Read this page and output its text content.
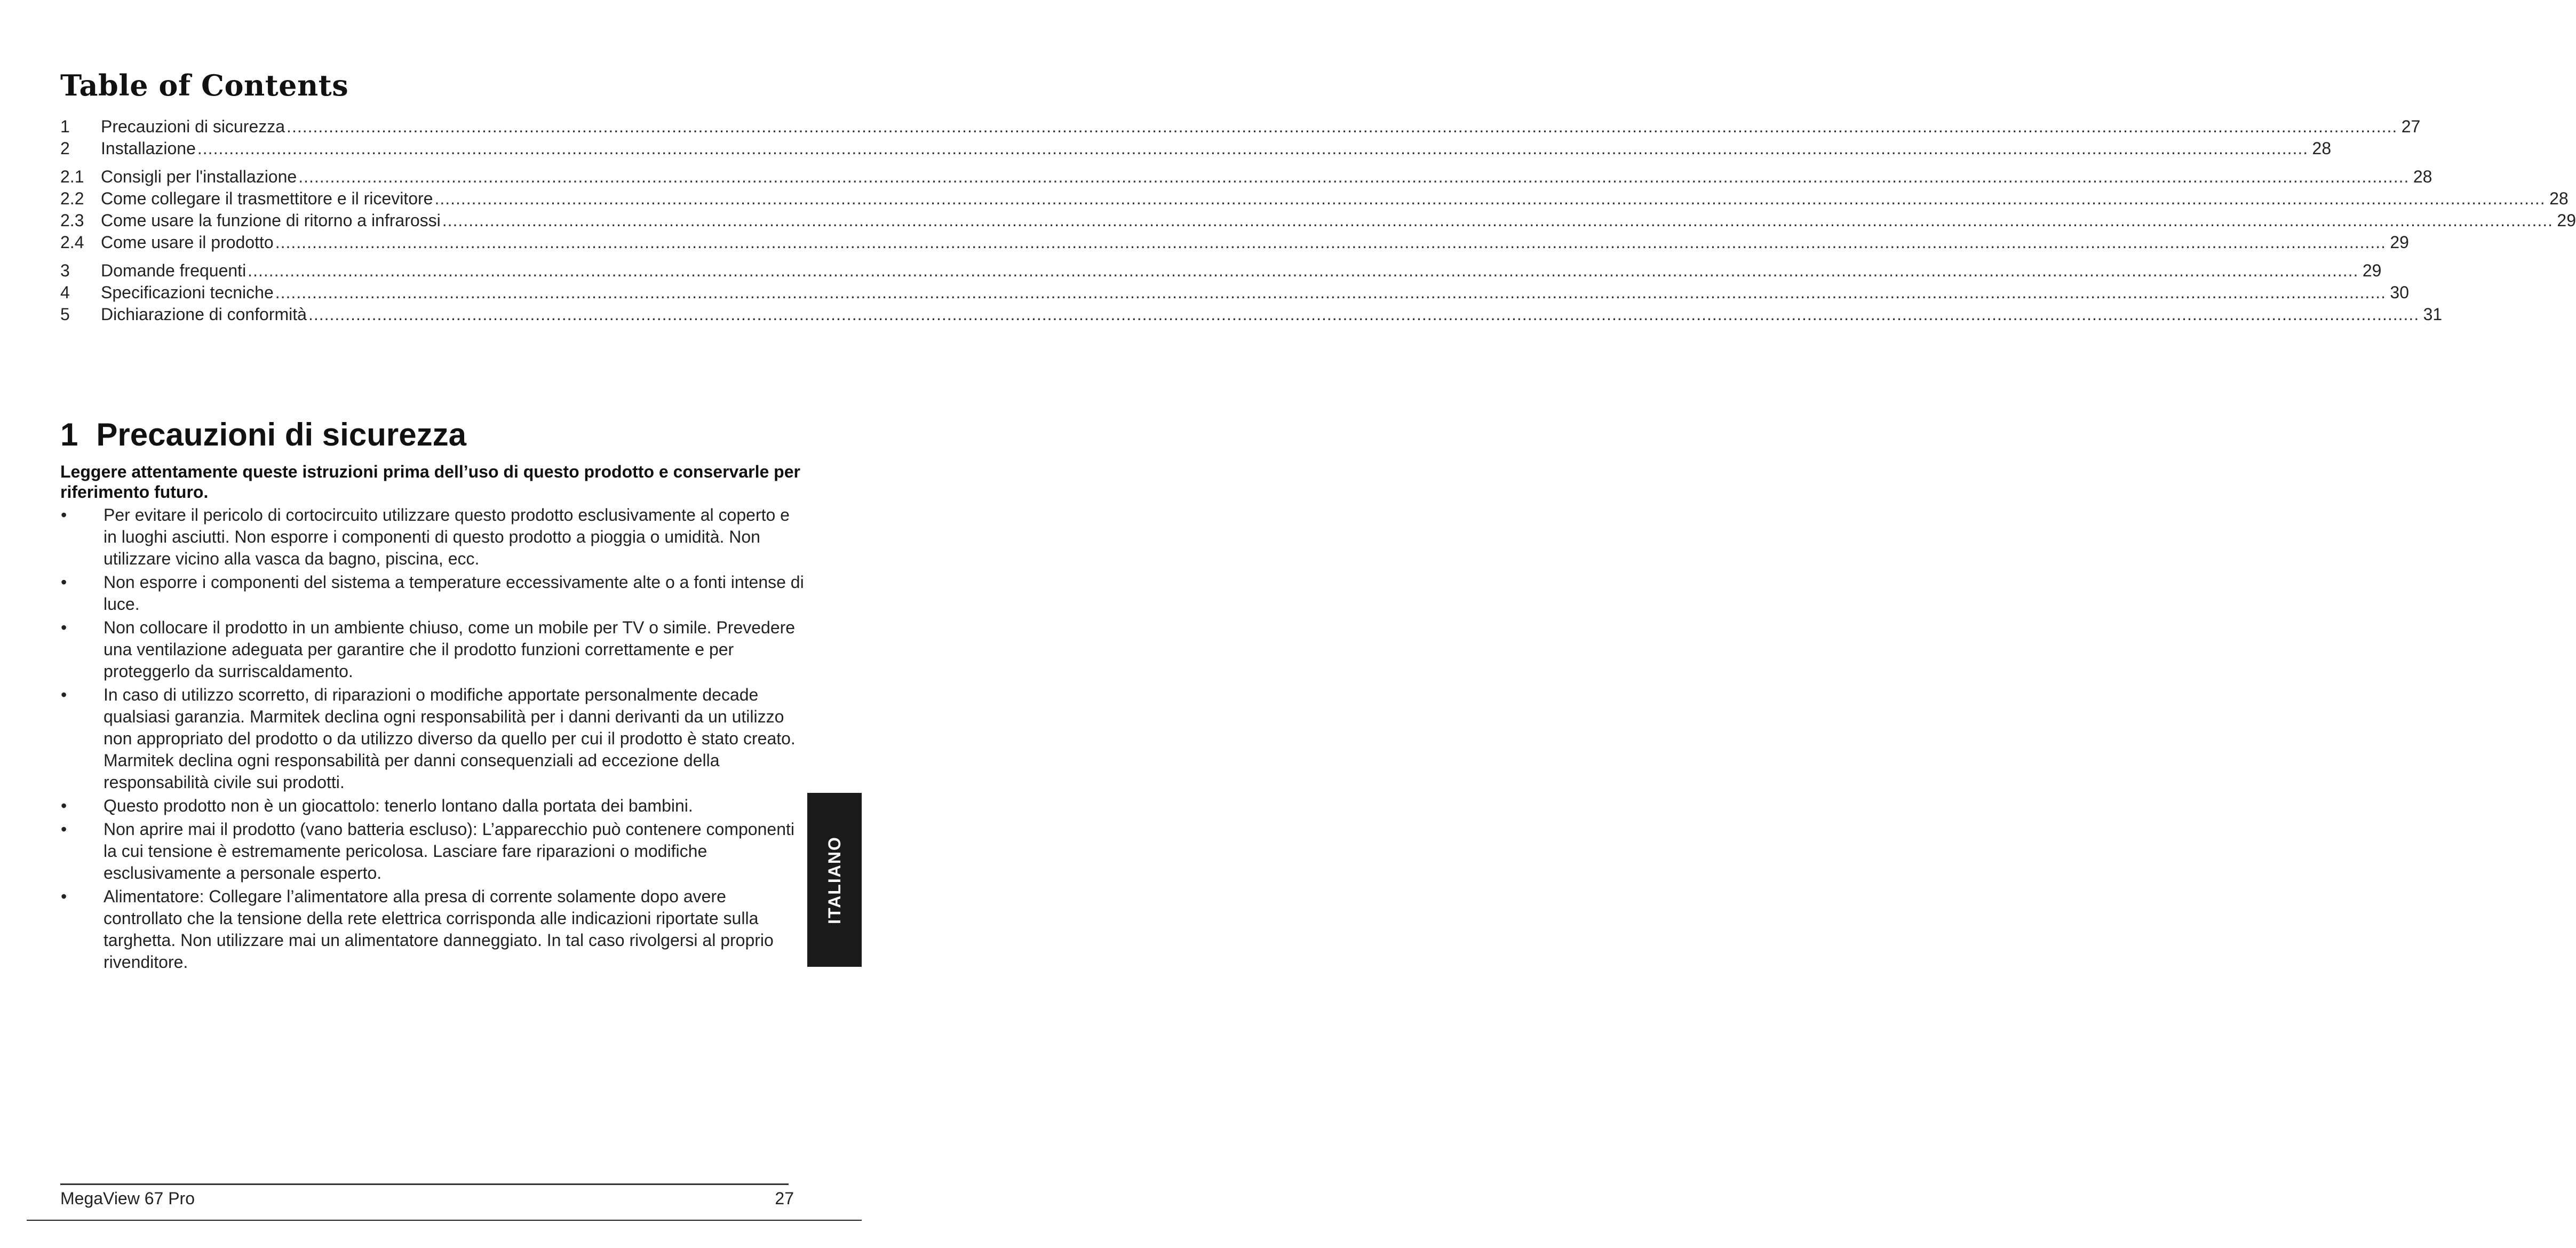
Table of Contents
1	Precauzioni di sicurezza ................................................................................................................................................................................................................................................................................................................................................................................................................ 27
2	Installazione ................................................................................................................................................................................................................................................................................................................................................................................................................ 28
2.1 Consigli per l'installazione ................................................................................................................................................................................................................................................................................................................................................................................................................ 28
2.2 Come collegare il trasmettitore e il ricevitore ................................................................................................................................................................................................................................................................................................................................................................................................................ 28
2.3 Come usare la funzione di ritorno a infrarossi ................................................................................................................................................................................................................................................................................................................................................................................................................ 29
2.4 Come usare il prodotto ................................................................................................................................................................................................................................................................................................................................................................................................................ 29
3	Domande frequenti ................................................................................................................................................................................................................................................................................................................................................................................................................ 29
4	Specificazioni tecniche ................................................................................................................................................................................................................................................................................................................................................................................................................ 30
5	Dichiarazione di conformità ................................................................................................................................................................................................................................................................................................................................................................................................................ 31
1 Precauzioni di sicurezza

Leggere attentamente queste istruzioni prima dell’uso di questo prodotto e conservarle per riferimento futuro.

•	Per evitare il pericolo di cortocircuito utilizzare questo prodotto esclusivamente al coperto e in luoghi asciutti. Non esporre i componenti di questo prodotto a pioggia o umidità. Non utilizzare vicino alla vasca da bagno, piscina, ecc.
•	Non esporre i componenti del sistema a temperature eccessivamente alte o a fonti intense di luce.
•	Non collocare il prodotto in un ambiente chiuso, come un mobile per TV o simile. Prevedere una ventilazione adeguata per garantire che il prodotto funzioni correttamente e per proteggerlo da surriscaldamento.
•	In caso di utilizzo scorretto, di riparazioni o modifiche apportate personalmente decade qualsiasi garanzia. Marmitek declina ogni responsabilità per i danni derivanti da un utilizzo non appropriato del prodotto o da utilizzo diverso da quello per cui il prodotto è stato creato. Marmitek declina ogni responsabilità per danni consequenziali ad eccezione della responsabilità civile sui prodotti.
•	Questo prodotto non è un giocattolo: tenerlo lontano dalla portata dei bambini.
•	Non aprire mai il prodotto (vano batteria escluso): L’apparecchio può contenere componenti la cui tensione è estremamente pericolosa. Lasciare fare riparazioni o modifiche esclusivamente a personale esperto.
•	Alimentatore: Collegare l’alimentatore alla presa di corrente solamente dopo avere controllato che la tensione della rete elettrica corrisponda alle indicazioni riportate sulla targhetta. Non utilizzare mai un alimentatore danneggiato. In tal caso rivolgersi al proprio rivenditore.
ITALIANO
MegaView 67 Pro	27
